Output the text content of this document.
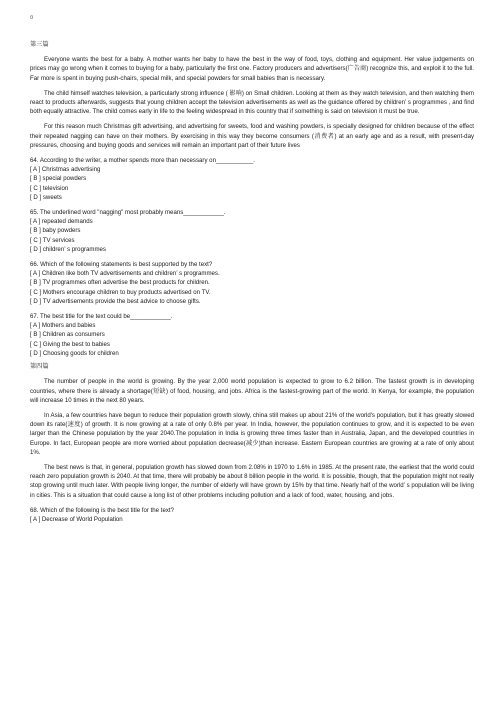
¤
第三篇

Everyone wants the best for a baby. A mother wants her baby to have the best in the way of food, toys, clothing and equipment. Her value judgements on prices may go wrong when it comes to buying for a baby, particularly the first one. Factory producers and advertisers(广告商) recognize this, and exploit it to the full. Far more is spent in buying push-chairs, special milk, and special powders for small babies than is necessary.

The child himself watches television, a particularly strong influence ( 影响) on Small children. Looking at them as they watch television, and then watching them react to products afterwards, suggests that young children accept the television advertisements as well as the guidance offered by children’ s programmes , and find both equally attractive. The child comes early in life to the feeling widespread in this country that if something is said on television it must be true.

For this reason much Christmas gift advertising, and advertising for sweets, food and washing powders, is specially designed for children because of the effect their repeated nagging can have on their mothers. By exercising in this way they become consumers (消费者) at an early age and as a result, with present-day pressures, choosing and buying goods and services will remain an important part of their future lives

64. According to the writer, a mother spends more than necessary on___________.
[ A ] Christmas advertising
[ B ] special powders
[ C ] television
[ D ] sweets
65. The underlined word "nagging" most probably means____________.
[ A ] repeated demands
[ B ] baby powders
[ C ] TV services
[ D ] children’ s programmes
66. Which of the following statements is best supported by the text?
[ A ] Children like both TV advertisements and children’ s programmes.
[ B ] TV programmes often advertise the best products for children.
[ C ] Mothers encourage children to buy products advertised on TV.
[ D ] TV advertisements provide the best advice to choose gifts.
67. The best title for the text could be____________.
[ A ] Mothers and babies
[ B ] Children as consumers
[ C ] Giving the best to babies
[ D ] Choosing goods for children
第四篇

The number of people in the world is growing. By the year 2,000 world population is expected to grow to 6.2 billion. The fastest growth is in developing countries, where there is already a shortage(短缺) of food, housing, and jobs. Africa is the fastest-growing part of the world. In Kenya, for example, the population will increase 10 times in the next 80 years.

In Asia, a few countries have begun to reduce their population growth slowly, china still makes up about 21% of the world's population, but it has greatly slowed down its rate(速度) of growth. It is now growing at a rate of only 0.8% per year. In India, however, the population continues to grow, and it is expected to be even larger than the Chinese population by the year 2040.The population in India is growing three times faster than in Australia, Japan, and the developed countries in Europe. In fact, European people are more worried about population decrease(减少)than increase. Eastern European countries are growing at a rate of only about 1%.

The best news is that, in general, population growth has slowed down from 2.08% in 1970 to 1.6% in 1985. At the present rate, the earliest that the world could reach zero population growth is 2040. At that time, there will probably be about 8 billion people in the world. It is possible, though, that the population might not really stop growing until much later. With people living longer, the number of elderly will have grown by 15% by that time. Nearly half of the world’ s population will be living in cities. This is a situation that could cause a long list of other problems including pollution and a lack of food, water, housing, and jobs.

68. Which of the following is the best title for the text?
[ A ] Decrease of World Population
